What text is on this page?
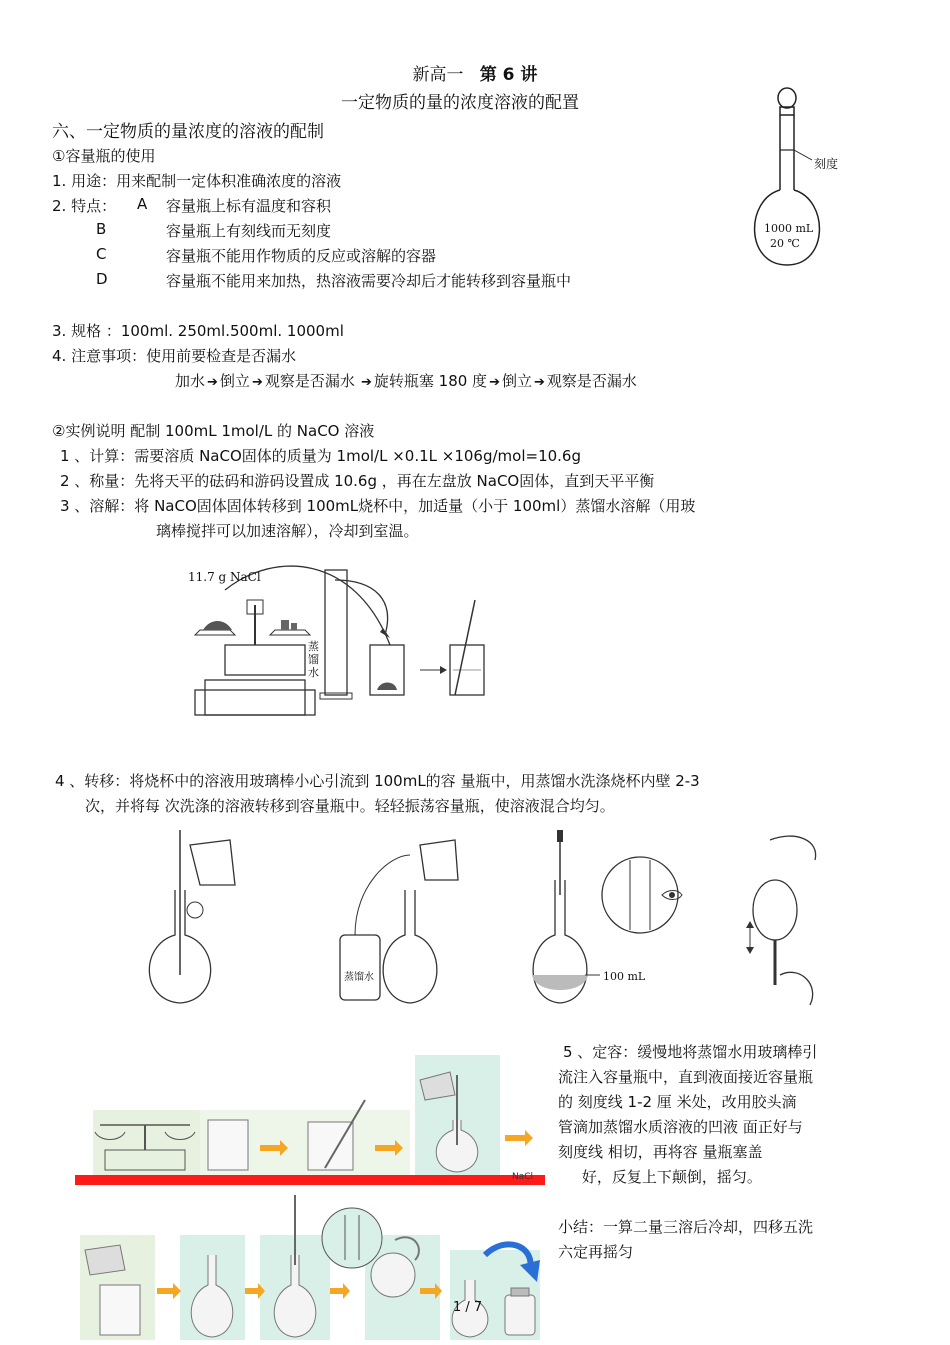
新高一 第 6 讲
一定物质的量的浓度溶液的配置
六、一定物质的量浓度的溶液的配制
①容量瓶的使用
1. 用途：用来配制一定体积准确浓度的溶液
2. 特点： A 容量瓶上标有温度和容积
B	容量瓶上有刻线而无刻度
C	容量瓶不能用作物质的反应或溶解的容器
D	容量瓶不能用来加热，热溶液需要冷却后才能转移到容量瓶中
3. 规格 ：100ml. 250ml.500ml. 1000ml
4. 注意事项：使用前要检查是否漏水
加水 ➔ 倒立 ➔ 观察是否漏水 ➔ 旋转瓶塞 180 度 ➔ 倒立 ➔ 观察是否漏水
刻度
1000 mL
20 ℃
②实例说明 配制 100mL 1mol/L 的 NaCO 溶液
1 、计算：需要溶质 NaCO固体的质量为 1mol/L ×0.1L ×106g/mol=10.6g
2 、称量：先将天平的砝码和游码设置成 10.6g ，再在左盘放 NaCO固体，直到天平平衡
3 、溶解：将 NaCO固体固体转移到 100mL烧杯中，加适量（小于 100ml）蒸馏水溶解（用玻
璃棒搅拌可以加速溶解），冷却到室温。
11.7 g NaCl
蒸馏水
4 、转移：将烧杯中的溶液用玻璃棒小心引流到 100mL的容 量瓶中，用蒸馏水洗涤烧杯内壁 2-3
次，并将每 次洗涤的溶液转移到容量瓶中。轻轻振荡容量瓶，使溶液混合均匀。
蒸馏水	100 mL
5 、定容：缓慢地将蒸馏水用玻璃棒引
流注入容量瓶中，直到液面接近容量瓶
的 刻度线 1-2 厘 米处，改用胶头滴
管滴加蒸馏水质溶液的凹液 面正好与
刻度线 相切，再将容 量瓶塞盖
好，反复上下颠倒，摇匀。
小结：一算二量三溶后冷却，四移五洗
六定再摇匀
NaCl
1 / 7
